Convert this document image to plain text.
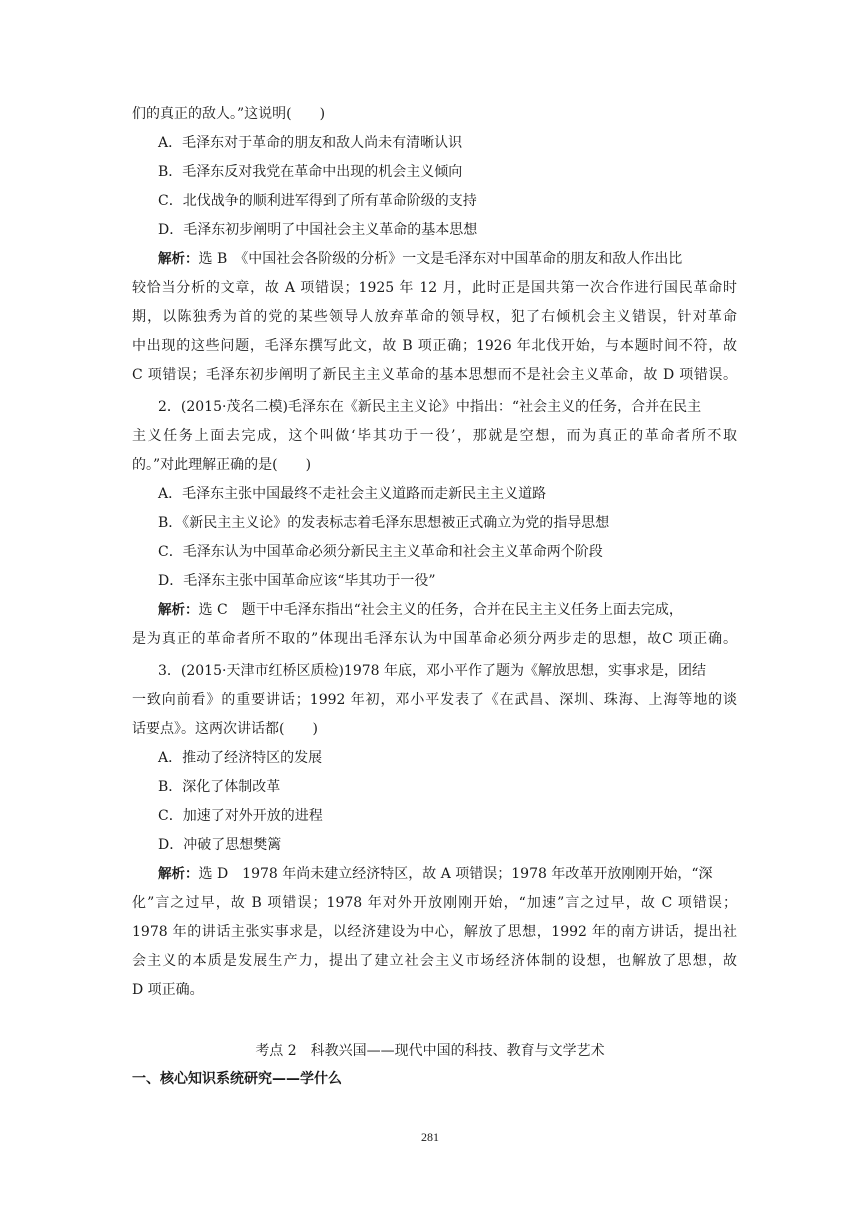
们的真正的敌人。”这说明(　　)
A．毛泽东对于革命的朋友和敌人尚未有清晰认识
B．毛泽东反对我党在革命中出现的机会主义倾向
C．北伐战争的顺利进军得到了所有革命阶级的支持
D．毛泽东初步阐明了中国社会主义革命的基本思想
解析：选 B　《中国社会各阶级的分析》一文是毛泽东对中国革命的朋友和敌人作出比
较恰当分析的文章，故 A 项错误；1925 年 12 月，此时正是国共第一次合作进行国民革命时
期，以陈独秀为首的党的某些领导人放弃革命的领导权，犯了右倾机会主义错误，针对革命
中出现的这些问题，毛泽东撰写此文，故 B 项正确；1926 年北伐开始，与本题时间不符，故
C 项错误；毛泽东初步阐明了新民主主义革命的基本思想而不是社会主义革命，故 D 项错误。
2．(2015·茂名二模)毛泽东在《新民主主义论》中指出：“社会主义的任务，合并在民主
主义任务上面去完成，这个叫做‘毕其功于一役’，那就是空想，而为真正的革命者所不取
的。”对此理解正确的是(　　)
A．毛泽东主张中国最终不走社会主义道路而走新民主主义道路
B．《新民主主义论》的发表标志着毛泽东思想被正式确立为党的指导思想
C．毛泽东认为中国革命必须分新民主主义革命和社会主义革命两个阶段
D．毛泽东主张中国革命应该“毕其功于一役”
解析：选 C　题干中毛泽东指出“社会主义的任务，合并在民主主义任务上面去完成，
是为真正的革命者所不取的”体现出毛泽东认为中国革命必须分两步走的思想，故C 项正确。
3．(2015·天津市红桥区质检)1978 年底，邓小平作了题为《解放思想，实事求是，团结
一致向前看》的重要讲话；1992 年初，邓小平发表了《在武昌、深圳、珠海、上海等地的谈
话要点》。这两次讲话都(　　)
A．推动了经济特区的发展
B．深化了体制改革
C．加速了对外开放的进程
D．冲破了思想樊篱
解析：选 D　1978 年尚未建立经济特区，故 A 项错误；1978 年改革开放刚刚开始，“深
化”言之过早，故 B 项错误；1978 年对外开放刚刚开始，“加速”言之过早，故 C 项错误；
1978 年的讲话主张实事求是，以经济建设为中心，解放了思想，1992 年的南方讲话，提出社
会主义的本质是发展生产力，提出了建立社会主义市场经济体制的设想，也解放了思想，故
D 项正确。
考点 2　科教兴国——现代中国的科技、教育与文学艺术
一、核心知识系统研究——学什么
281
